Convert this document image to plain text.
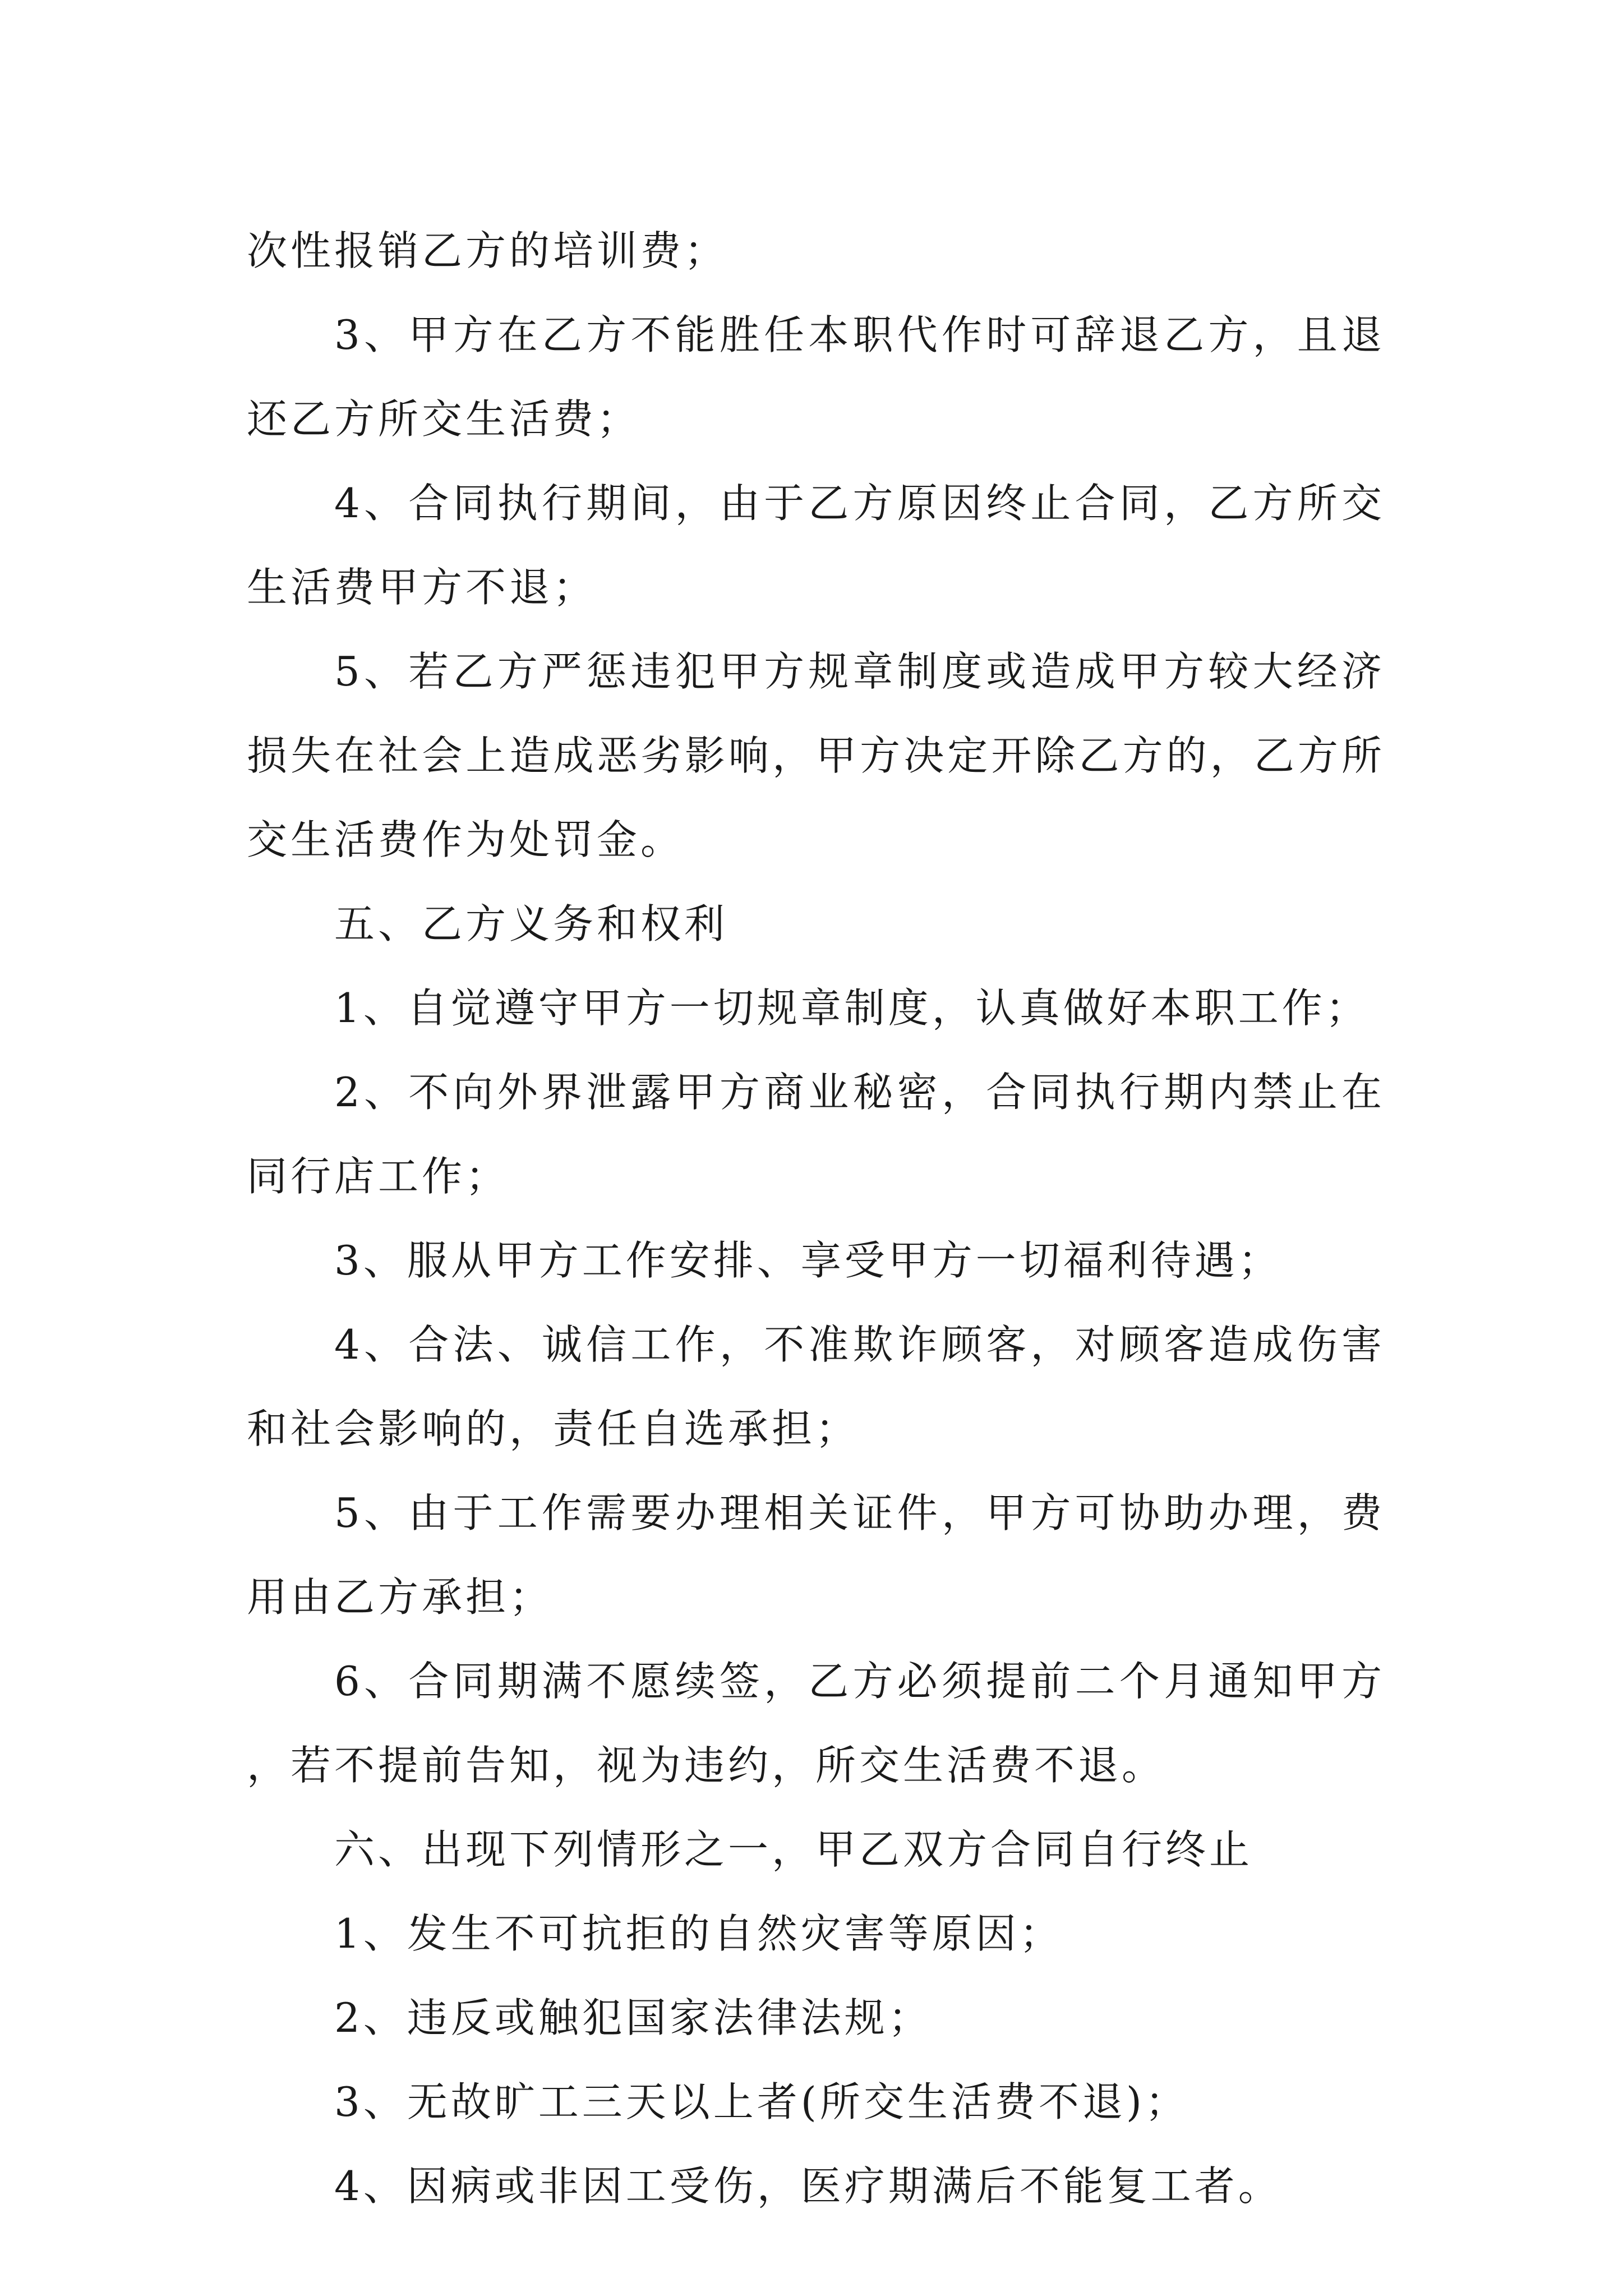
次性报销乙方的培训费；

3、甲方在乙方不能胜任本职代作时可辞退乙方，且退还乙方所交生活费；

4、合同执行期间，由于乙方原因终止合同，乙方所交生活费甲方不退；

5、若乙方严惩违犯甲方规章制度或造成甲方较大经济损失在社会上造成恶劣影响，甲方决定开除乙方的，乙方所交生活费作为处罚金。

五、乙方义务和权利

1、自觉遵守甲方一切规章制度，认真做好本职工作；

2、不向外界泄露甲方商业秘密，合同执行期内禁止在同行店工作；

3、服从甲方工作安排、享受甲方一切福利待遇；

4、合法、诚信工作，不准欺诈顾客，对顾客造成伤害和社会影响的，责任自选承担；

5、由于工作需要办理相关证件，甲方可协助办理，费用由乙方承担；

6、合同期满不愿续签，乙方必须提前二个月通知甲方，若不提前告知，视为违约，所交生活费不退。

六、出现下列情形之一，甲乙双方合同自行终止

1、发生不可抗拒的自然灾害等原因；

2、违反或触犯国家法律法规；

3、无故旷工三天以上者(所交生活费不退)；

4、因病或非因工受伤，医疗期满后不能复工者。
